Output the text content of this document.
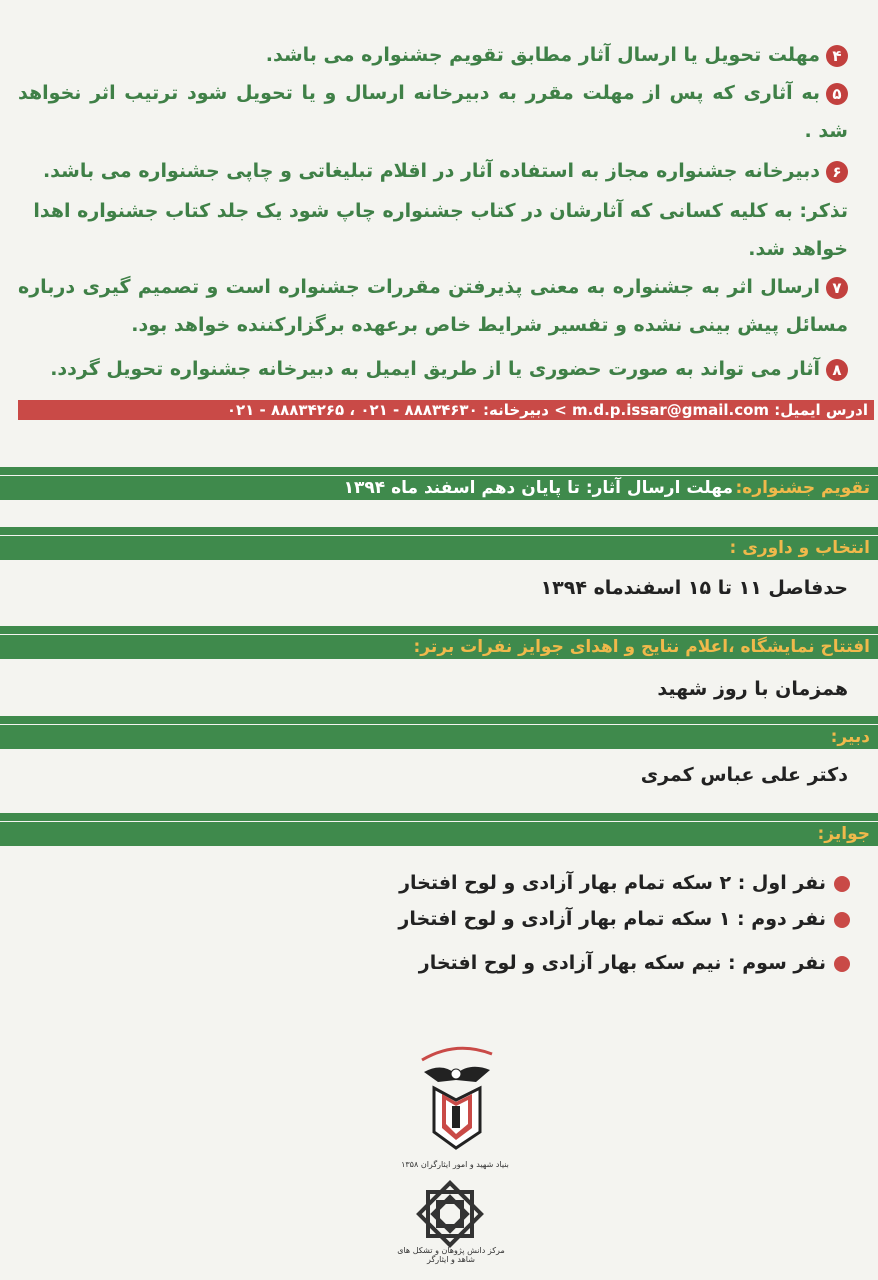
۴مهلت تحویل یا ارسال آثار مطابق تقویم جشنواره می باشد.
۵به آثاری که پس از مهلت مقرر به دبیرخانه ارسال و یا تحویل شود ترتیب اثر نخواهد شد .
۶دبیرخانه جشنواره مجاز به استفاده آثار در اقلام تبلیغاتی و چاپی جشنواره می باشد.
تذکر: به کلیه کسانی که آثارشان در کتاب جشنواره چاپ شود یک جلد کتاب جشنواره اهدا خواهد شد.
۷ارسال اثر به جشنواره به معنی پذیرفتن مقررات جشنواره است و تصمیم گیری درباره مسائل پیش بینی نشده و تفسیر شرایط خاص برعهده برگزارکننده خواهد بود.
۸آثار می تواند به صورت حضوری یا از طریق ایمیل به دبیرخانه جشنواره تحویل گردد.
ادرس ایمیل: m.d.p.issar@gmail.com > دبیرخانه: ۸۸۸۳۴۶۳۰ - ۰۲۱ ، ۸۸۸۳۴۲۶۵ - ۰۲۱
تقویم جشنواره:
مهلت ارسال آثار: تا پایان دهم اسفند ماه ۱۳۹۴
انتخاب و داوری :
حدفاصل ۱۱ تا ۱۵ اسفندماه ۱۳۹۴
افتتاح نمایشگاه ،اعلام نتایج و اهدای جوایز نفرات برتر:
همزمان با روز شهید
دبیر:
دکتر علی عباس کمری
جوایز:
نفر اول : ۲ سکه تمام بهار آزادی و لوح افتخار
نفر دوم : ۱ سکه تمام بهار آزادی و لوح افتخار
نفر سوم : نیم سکه بهار آزادی و لوح افتخار
بنیاد شهید و امور ایثارگران ۱۳۵۸
مرکز دانش پژوهان و تشکل های
شاهد و ایثارگر
